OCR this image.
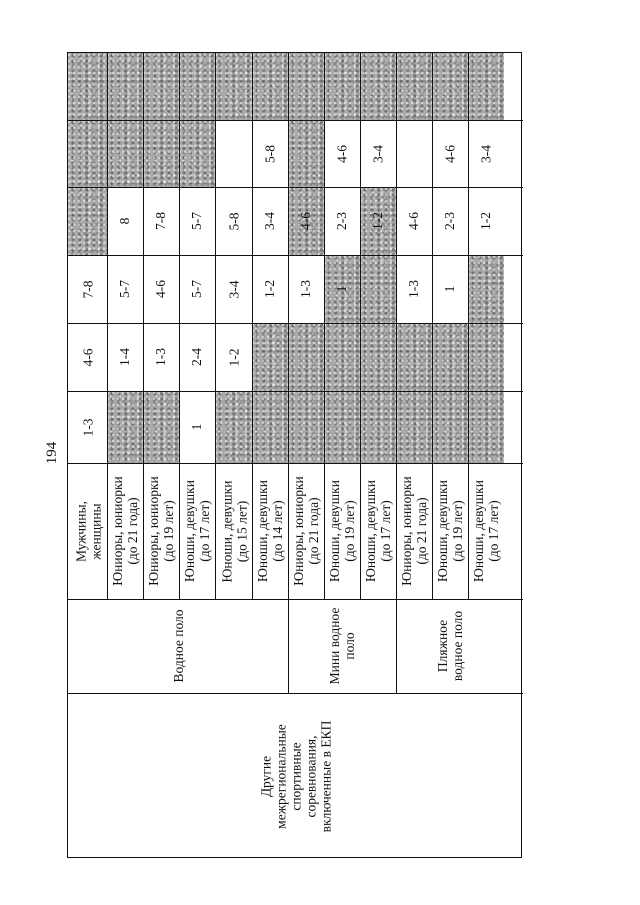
194
Другие
межрегиональные
спортивные
соревнования,
включенные в ЕКП
Водное поло	Мини водное
поло	Пляжное
водное поло
Мужчины,
женщины
1-3
4-6
7-8
Юниоры, юниорки
(до 21 года)
1-4
5-7
8
Юниоры, юниорки
(до 19 лет)
1-3
4-6
7-8
Юноши, девушки
(до 17 лет)
1
2-4
5-7
5-7
Юноши, девушки
(до 15 лет)
1-2
3-4
5-8
Юноши, девушки
(до 14 лет)
1-2
3-4
5-8
Юниоры, юниорки
(до 21 года)
1-3
4-6
Юноши, девушки
(до 19 лет)
1
2-3
4-6
Юноши, девушки
(до 17 лет)
1-2
3-4
Юниоры, юниорки
(до 21 года)
1-3
4-6
Юноши, девушки
(до 19 лет)
1
2-3
4-6
Юноши, девушки
(до 17 лет)
1-2
3-4
